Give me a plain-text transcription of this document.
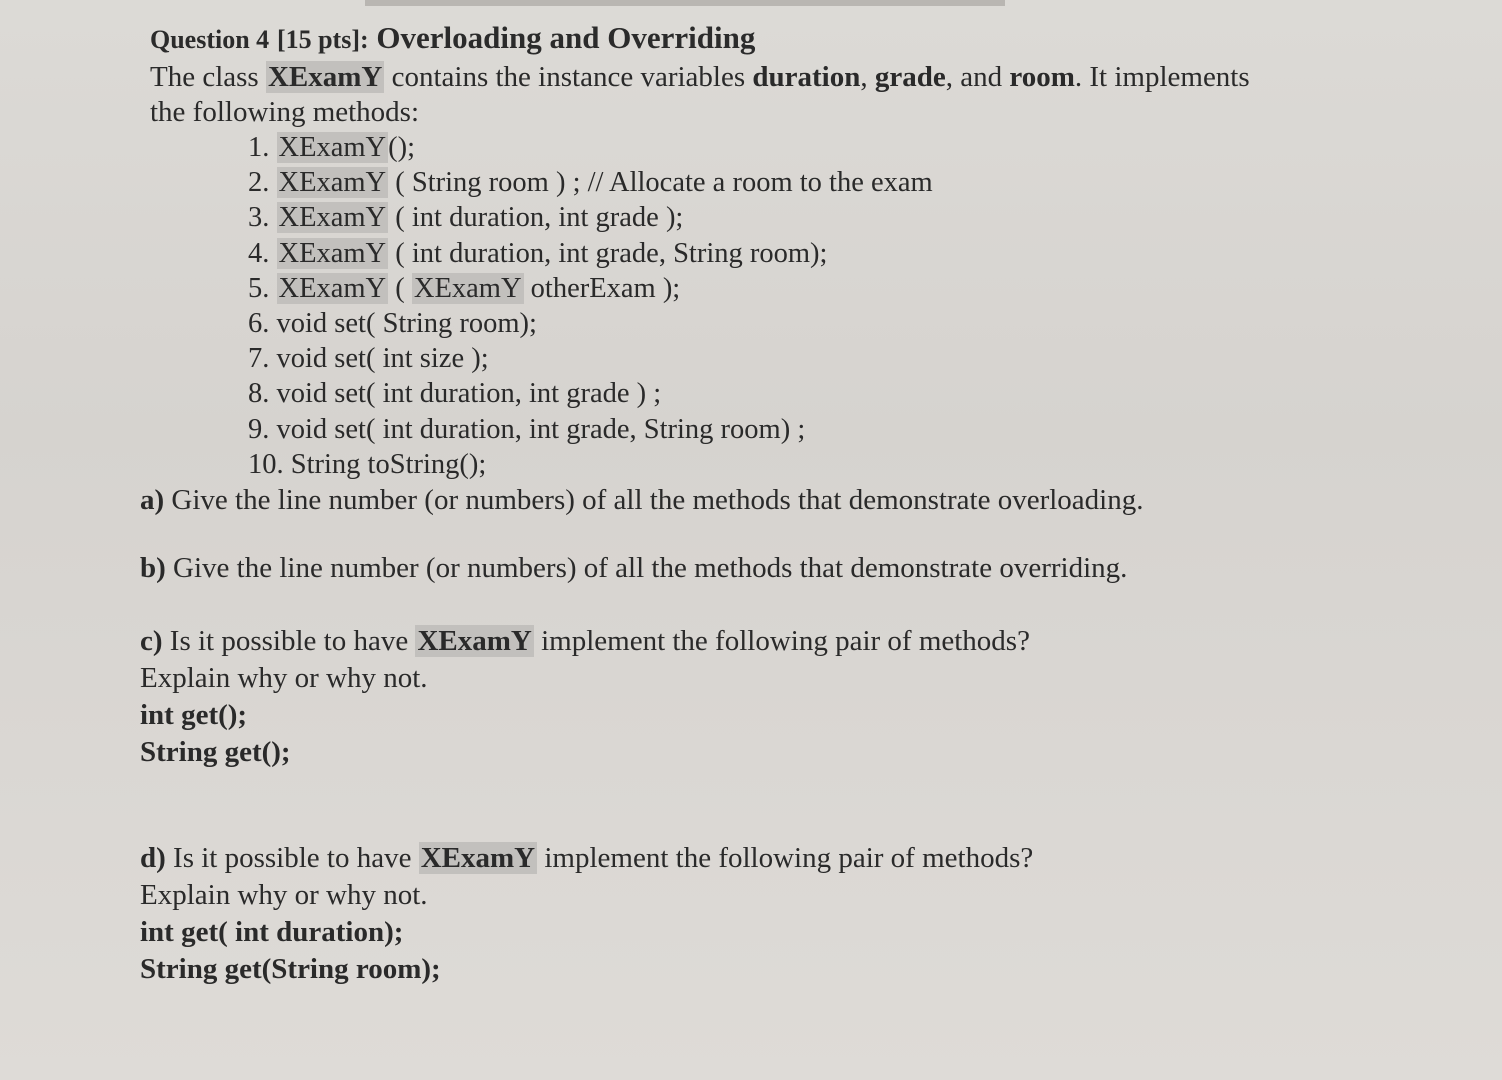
Question 4 [15 pts]: Overloading and Overriding

The class XExamY contains the instance variables duration, grade, and room. It implements the following methods:

1. XExamY();
2. XExamY ( String room ) ; // Allocate a room to the exam
3. XExamY ( int duration, int grade );
4. XExamY ( int duration, int grade, String room);
5. XExamY ( XExamY otherExam );
6. void set( String room);
7. void set( int size );
8. void set( int duration, int grade ) ;
9. void set( int duration, int grade, String room) ;
10. String toString();

a) Give the line number (or numbers) of all the methods that demonstrate overloading.

b) Give the line number (or numbers) of all the methods that demonstrate overriding.

c) Is it possible to have XExamY implement the following pair of methods?
Explain why or why not.

int get();

String get();

d) Is it possible to have XExamY implement the following pair of methods?
Explain why or why not.

int get( int duration);

String get(String room);
